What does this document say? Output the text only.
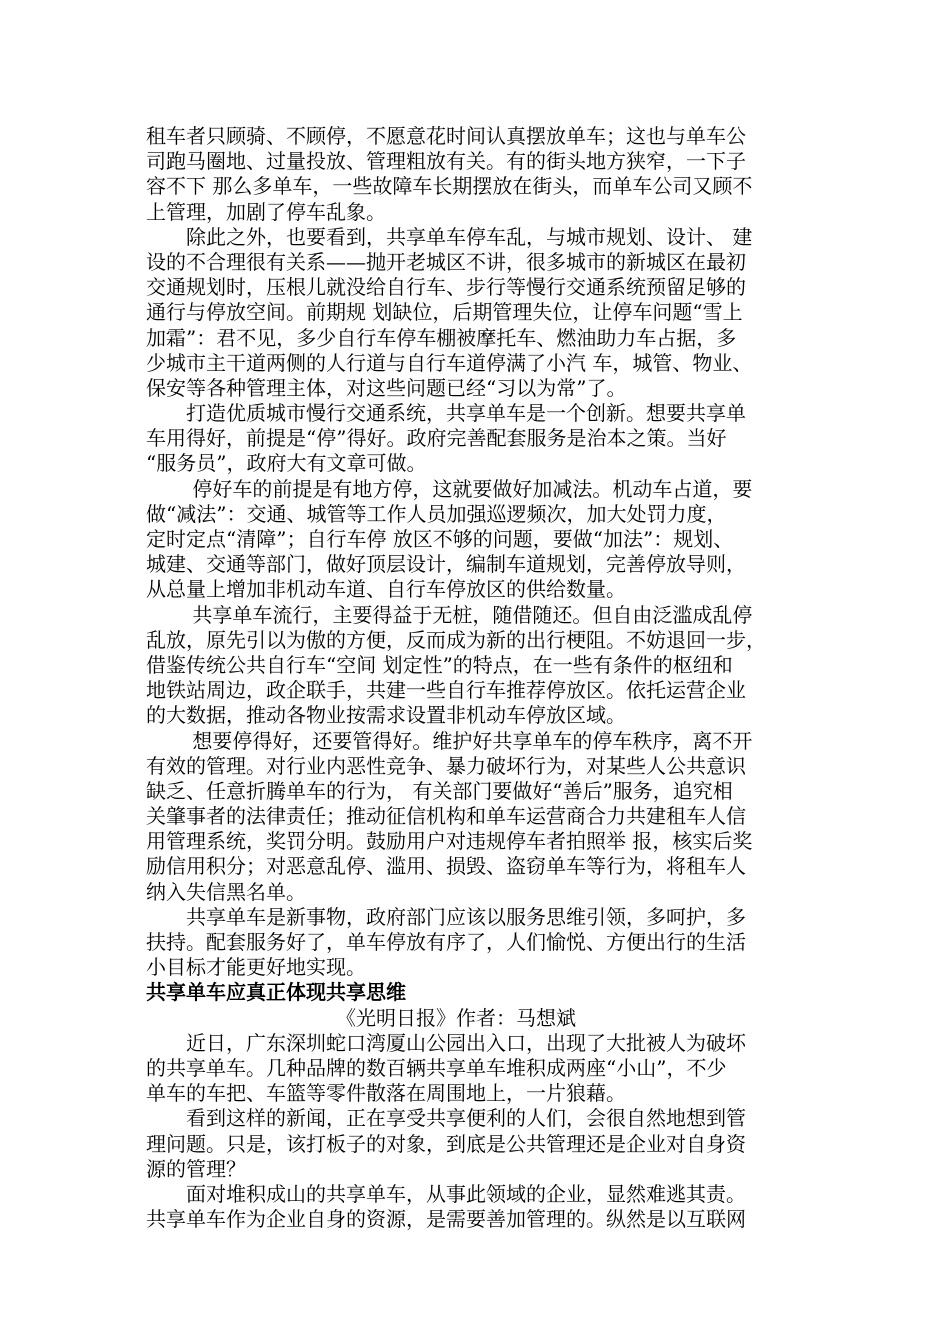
租车者只顾骑、不顾停，不愿意花时间认真摆放单车；这也与单车公
司跑马圈地、过量投放、管理粗放有关。有的街头地方狭窄，一下子
容不下 那么多单车，一些故障车长期摆放在街头，而单车公司又顾不
上管理，加剧了停车乱象。
　　除此之外，也要看到，共享单车停车乱，与城市规划、设计、 建
设的不合理很有关系——抛开老城区不讲，很多城市的新城区在最初
交通规划时，压根儿就没给自行车、步行等慢行交通系统预留足够的
通行与停放空间。前期规 划缺位，后期管理失位，让停车问题“雪上
加霜”：君不见，多少自行车停车棚被摩托车、燃油助力车占据，多
少城市主干道两侧的人行道与自行车道停满了小汽 车，城管、物业、
保安等各种管理主体，对这些问题已经“习以为常”了。
　　打造优质城市慢行交通系统，共享单车是一个创新。想要共享单
车用得好，前提是“停”得好。政府完善配套服务是治本之策。当好
“服务员”，政府大有文章可做。
　　 停好车的前提是有地方停，这就要做好加减法。机动车占道，要
做“减法”：交通、城管等工作人员加强巡逻频次，加大处罚力度，
定时定点“清障”；自行车停 放区不够的问题，要做“加法”：规划、
城建、交通等部门，做好顶层设计，编制车道规划，完善停放导则，
从总量上增加非机动车道、自行车停放区的供给数量。
　　 共享单车流行，主要得益于无桩，随借随还。但自由泛滥成乱停
乱放，原先引以为傲的方便，反而成为新的出行梗阻。不妨退回一步，
借鉴传统公共自行车“空间 划定性”的特点，在一些有条件的枢纽和
地铁站周边，政企联手，共建一些自行车推荐停放区。依托运营企业
的大数据，推动各物业按需求设置非机动车停放区域。
　　 想要停得好，还要管得好。维护好共享单车的停车秩序，离不开
有效的管理。对行业内恶性竞争、暴力破坏行为，对某些人公共意识
缺乏、任意折腾单车的行为， 有关部门要做好“善后”服务，追究相
关肇事者的法律责任；推动征信机构和单车运营商合力共建租车人信
用管理系统，奖罚分明。鼓励用户对违规停车者拍照举 报，核实后奖
励信用积分；对恶意乱停、滥用、损毁、盗窃单车等行为，将租车人
纳入失信黑名单。
　　共享单车是新事物，政府部门应该以服务思维引领，多呵护，多
扶持。配套服务好了，单车停放有序了，人们愉悦、方便出行的生活
小目标才能更好地实现。
共享单车应真正体现共享思维
《光明日报》作者：马想斌
　　近日，广东深圳蛇口湾厦山公园出入口，出现了大批被人为破坏
的共享单车。几种品牌的数百辆共享单车堆积成两座“小山”，不少
单车的车把、车篮等零件散落在周围地上，一片狼藉。
　　看到这样的新闻，正在享受共享便利的人们，会很自然地想到管
理问题。只是，该打板子的对象，到底是公共管理还是企业对自身资
源的管理？
　　面对堆积成山的共享单车，从事此领域的企业，显然难逃其责。
共享单车作为企业自身的资源，是需要善加管理的。纵然是以互联网
